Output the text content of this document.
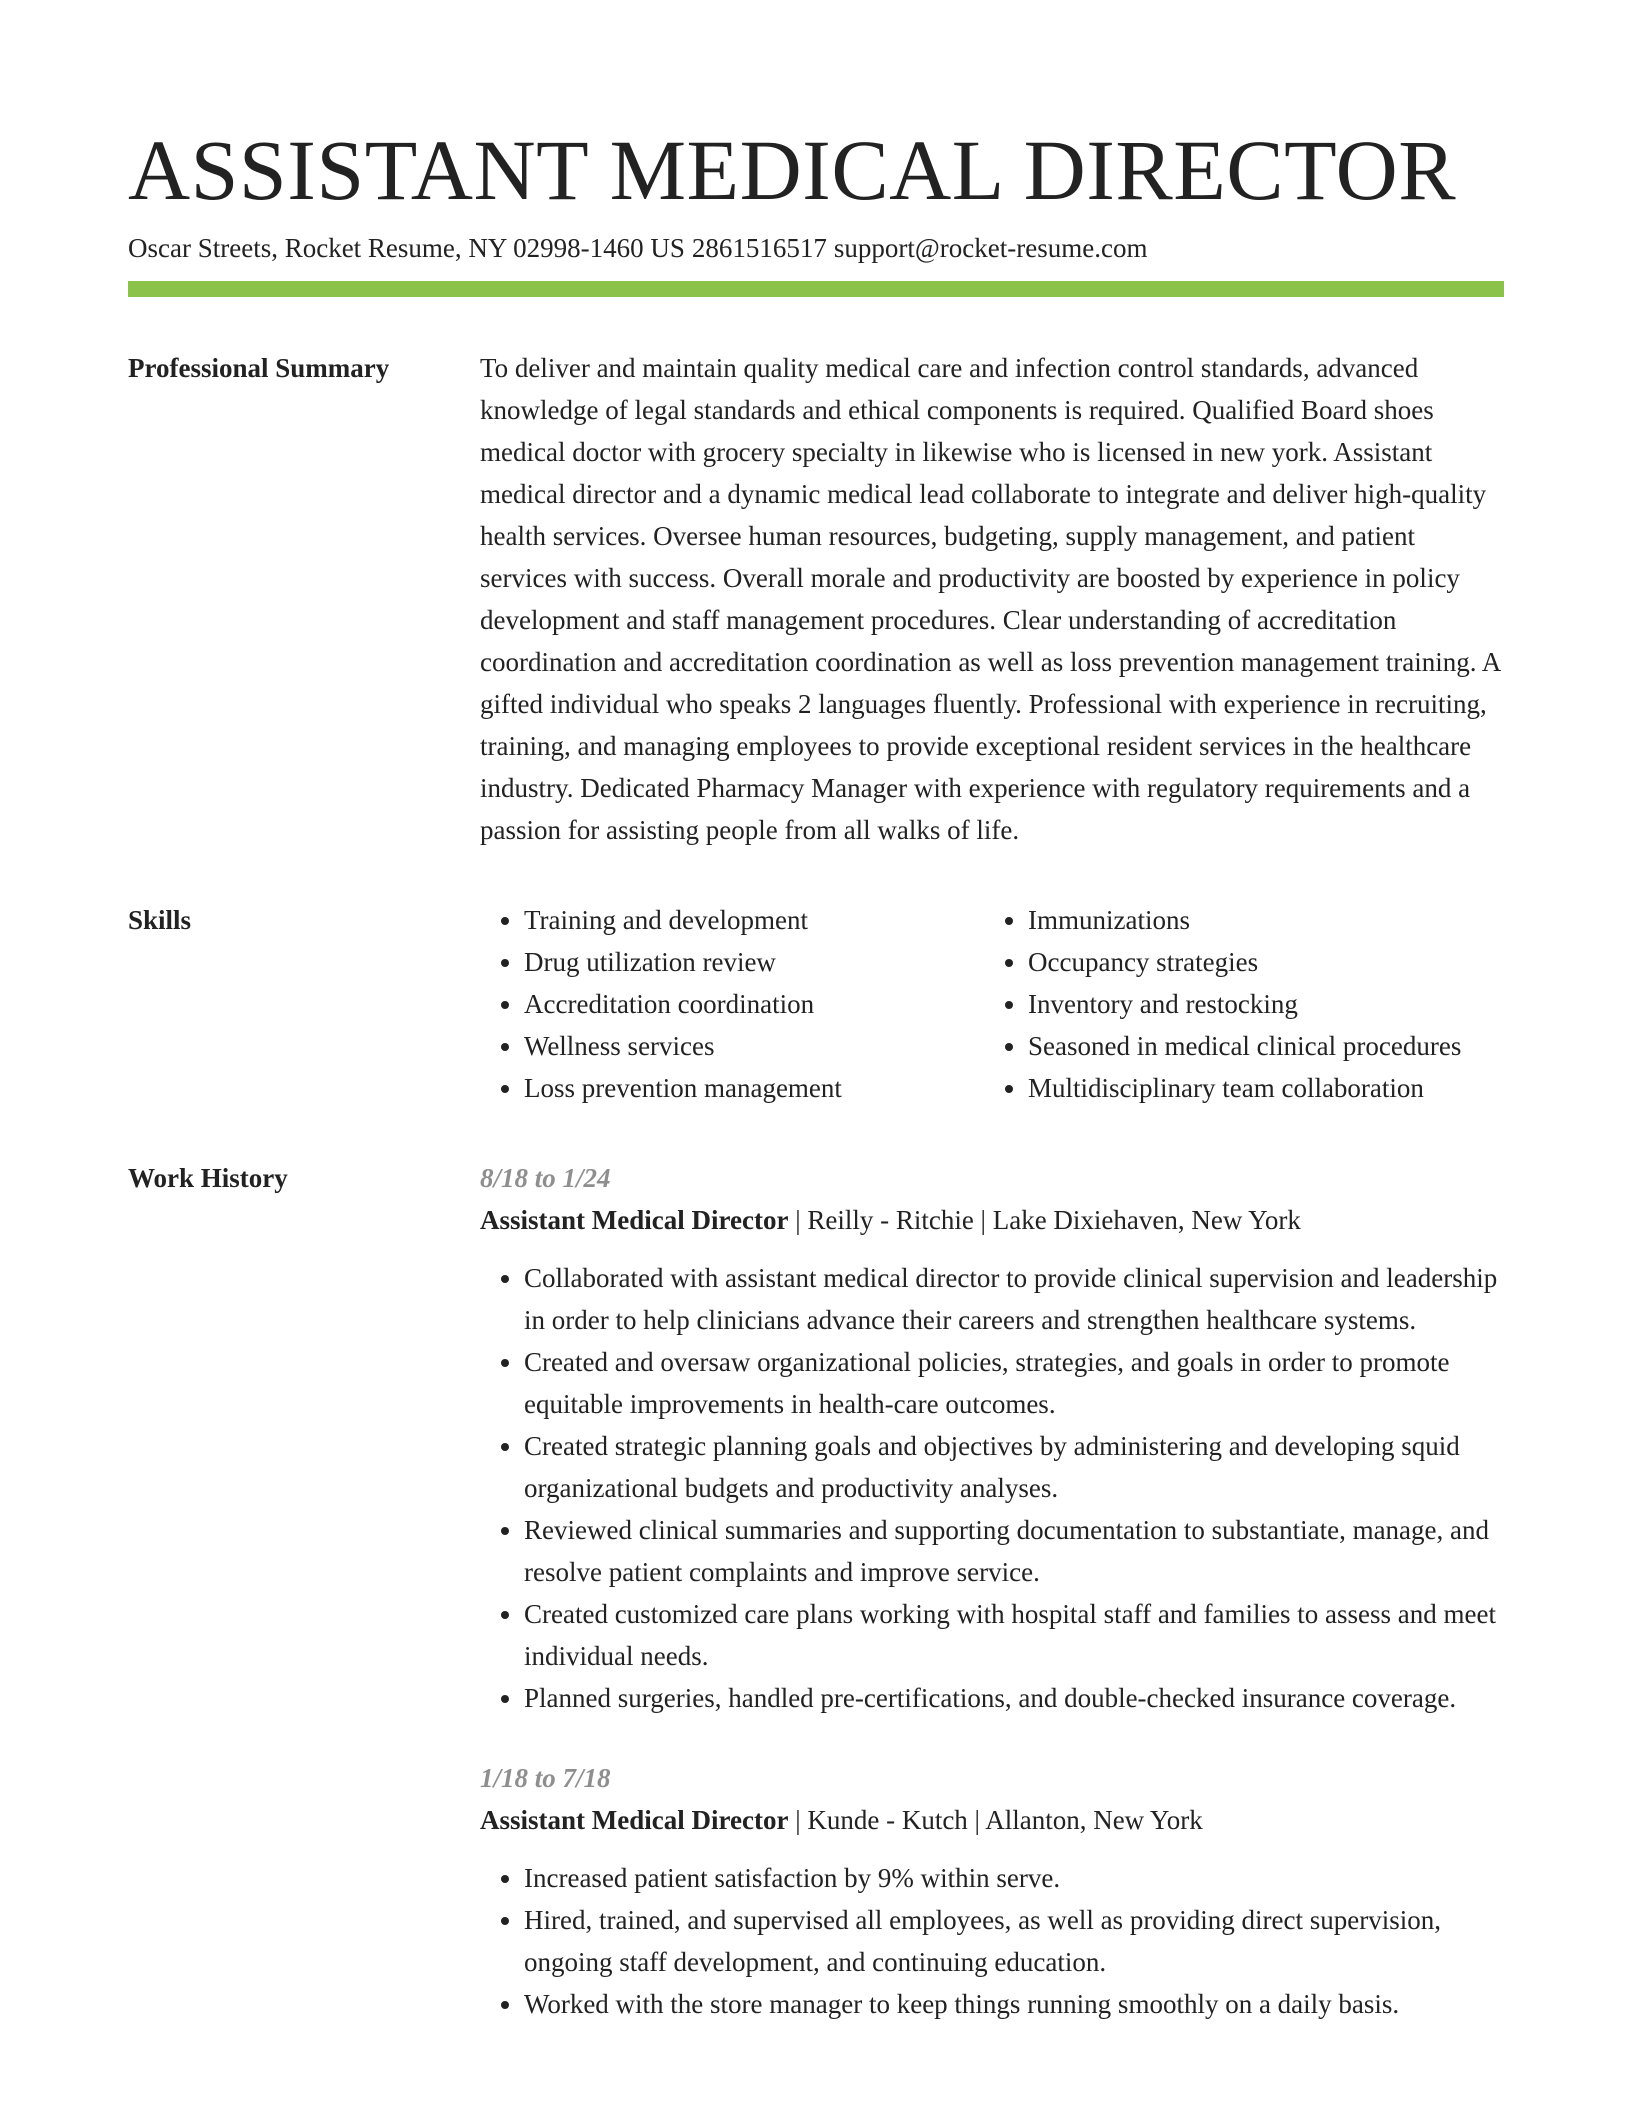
ASSISTANT MEDICAL DIRECTOR
Oscar Streets, Rocket Resume, NY 02998-1460 US 2861516517 support@rocket-resume.com
Professional Summary	To deliver and maintain quality medical care and infection control standards, advanced knowledge of legal standards and ethical components is required. Qualified Board shoes medical doctor with grocery specialty in likewise who is licensed in new york. Assistant medical director and a dynamic medical lead collaborate to integrate and deliver high-quality health services. Oversee human resources, budgeting, supply management, and patient services with success. Overall morale and productivity are boosted by experience in policy development and staff management procedures. Clear understanding of accreditation coordination and accreditation coordination as well as loss prevention management training. A gifted individual who speaks 2 languages fluently. Professional with experience in recruiting, training, and managing employees to provide exceptional resident services in the healthcare industry. Dedicated Pharmacy Manager with experience with regulatory requirements and a passion for assisting people from all walks of life.

Skills
•	Training and development
• Drug utilization review
• Accreditation coordination
• Wellness services
• Loss prevention management
• Immunizations
• Occupancy strategies
• Inventory and restocking
• Seasoned in medical clinical procedures
• Multidisciplinary team collaboration
Work History	8/18 to 1/24
Assistant Medical Director | Reilly - Ritchie | Lake Dixiehaven, New York
• Collaborated with assistant medical director to provide clinical supervision and leadership in order to help clinicians advance their careers and strengthen healthcare systems.
• Created and oversaw organizational policies, strategies, and goals in order to promote equitable improvements in health-care outcomes.
• Created strategic planning goals and objectives by administering and developing squid organizational budgets and productivity analyses.
• Reviewed clinical summaries and supporting documentation to substantiate, manage, and resolve patient complaints and improve service.
• Created customized care plans working with hospital staff and families to assess and meet individual needs.
• Planned surgeries, handled pre-certifications, and double-checked insurance coverage.
1/18 to 7/18
Assistant Medical Director | Kunde - Kutch | Allanton, New York
• Increased patient satisfaction by 9% within serve.
• Hired, trained, and supervised all employees, as well as providing direct supervision, ongoing staff development, and continuing education.
• Worked with the store manager to keep things running smoothly on a daily basis.
